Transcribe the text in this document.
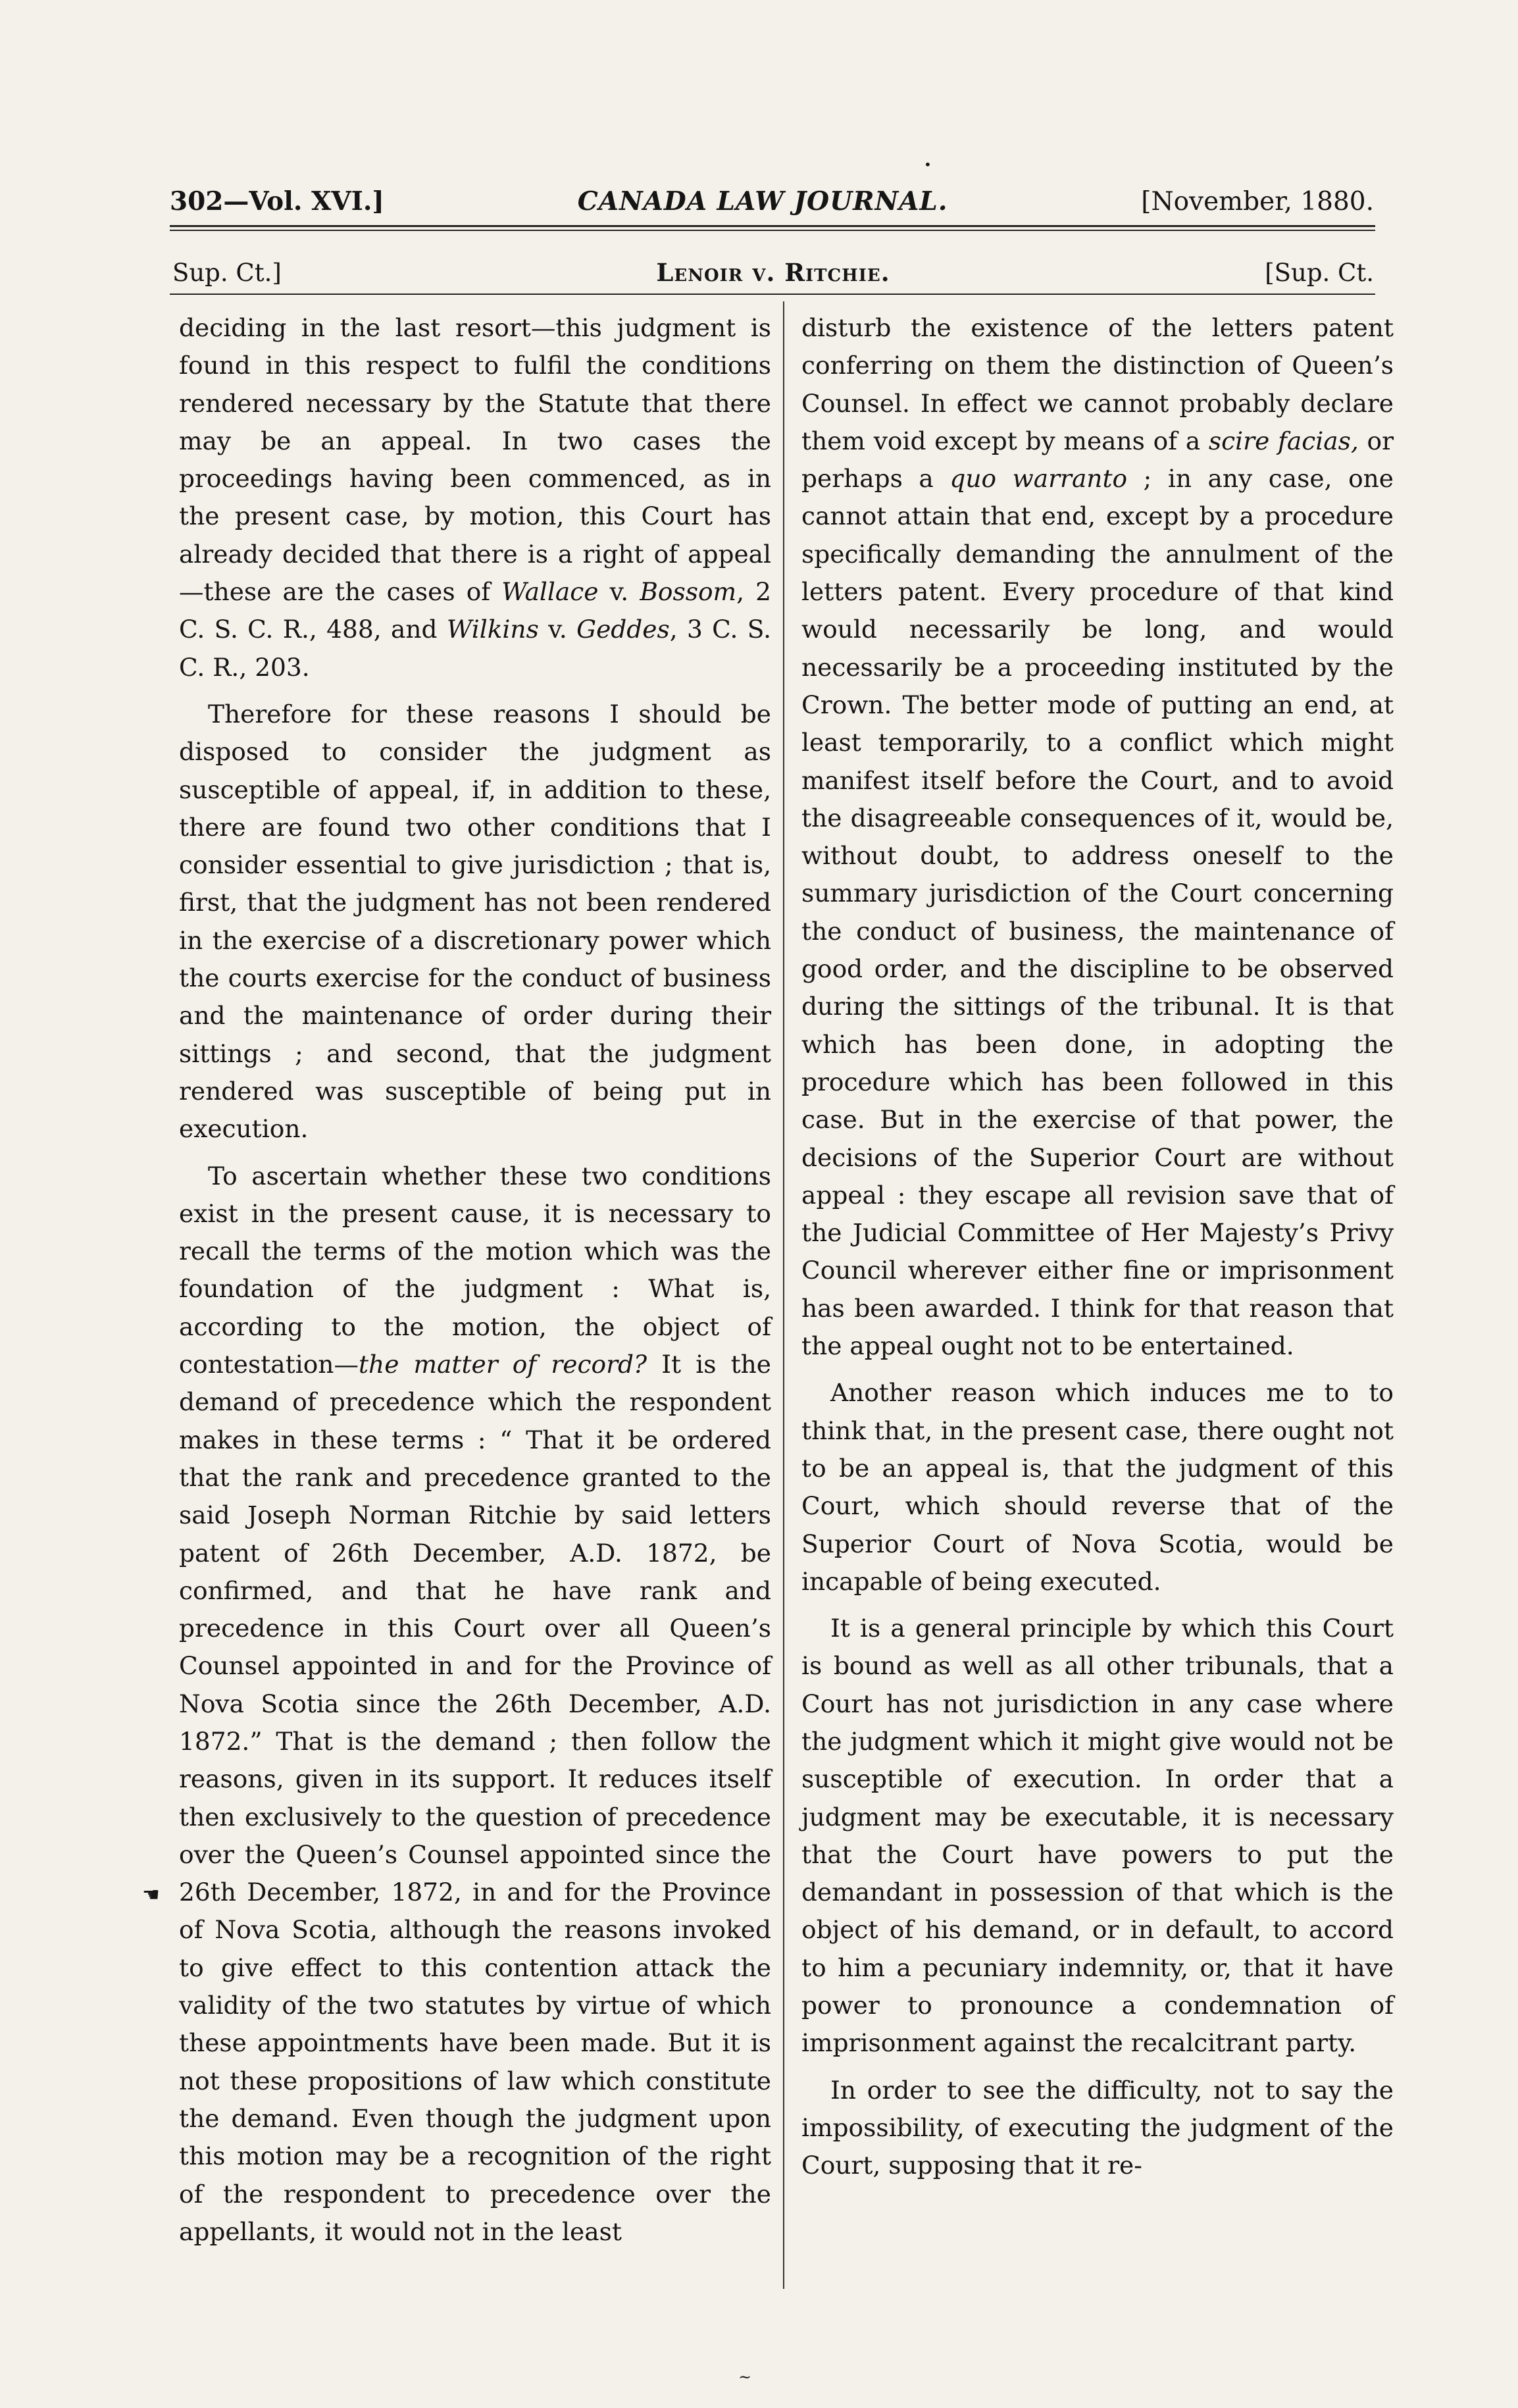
•
302—Vol. XVI.]	CANADA LAW JOURNAL.	[November, 1880.
Sup. Ct.]	Lenoir v. Ritchie.	[Sup. Ct.

deciding in the last resort—this judgment is found in this respect to fulfil the conditions rendered necessary by the Statute that there may be an appeal. In two cases the proceedings having been commenced, as in the present case, by motion, this Court has already decided that there is a right of appeal—these are the cases of Wallace v. Bossom, 2 C. S. C. R., 488, and Wilkins v. Geddes, 3 C. S. C. R., 203.

Therefore for these reasons I should be disposed to consider the judgment as susceptible of appeal, if, in addition to these, there are found two other conditions that I consider essential to give jurisdiction ; that is, first, that the judgment has not been rendered in the exercise of a discretionary power which the courts exercise for the conduct of business and the maintenance of order during their sittings ; and second, that the judgment rendered was susceptible of being put in execution.

To ascertain whether these two conditions exist in the present cause, it is necessary to recall the terms of the motion which was the foundation of the judgment : What is, according to the motion, the object of contestation—the matter of record? It is the demand of precedence which the respondent makes in these terms : “ That it be ordered that the rank and precedence granted to the said Joseph Norman Ritchie by said letters patent of 26th December, A.D. 1872, be confirmed, and that he have rank and precedence in this Court over all Queen’s Counsel appointed in and for the Province of Nova Scotia since the 26th December, A.D. 1872.” That is the demand ; then follow the reasons, given in its support. It reduces itself then exclusively to the question of precedence over the Queen’s Counsel appointed since the 26th December, 1872, in and for the Province of Nova Scotia, although the reasons invoked to give effect to this contention attack the validity of the two statutes by virtue of which these appointments have been made. But it is not these propositions of law which constitute the demand. Even though the judgment upon this motion may be a recognition of the right of the respondent to precedence over the appellants, it would not in the least

disturb the existence of the letters patent conferring on them the distinction of Queen’s Counsel. In effect we cannot probably declare them void except by means of a scire facias, or perhaps a quo warranto ; in any case, one cannot attain that end, except by a procedure specifically demanding the annulment of the letters patent. Every procedure of that kind would necessarily be long, and would necessarily be a proceeding instituted by the Crown. The better mode of putting an end, at least temporarily, to a conflict which might manifest itself before the Court, and to avoid the disagreeable consequences of it, would be, without doubt, to address oneself to the summary jurisdiction of the Court concerning the conduct of business, the maintenance of good order, and the discipline to be observed during the sittings of the tribunal. It is that which has been done, in adopting the procedure which has been followed in this case. But in the exercise of that power, the decisions of the Superior Court are without appeal : they escape all revision save that of the Judicial Committee of Her Majesty’s Privy Council wherever either fine or imprisonment has been awarded. I think for that reason that the appeal ought not to be entertained.

Another reason which induces me to to think that, in the present case, there ought not to be an appeal is, that the judgment of this Court, which should reverse that of the Superior Court of Nova Scotia, would be incapable of being executed.

It is a general principle by which this Court is bound as well as all other tribunals, that a Court has not jurisdiction in any case where the judgment which it might give would not be susceptible of execution. In order that a judgment may be executable, it is necessary that the Court have powers to put the demandant in possession of that which is the object of his demand, or in default, to accord to him a pecuniary indemnity, or, that it have power to pronounce a condemnation of imprisonment against the recalcitrant party.

In order to see the difficulty, not to say the impossibility, of executing the judgment of the Court, supposing that it re-

☚
~
